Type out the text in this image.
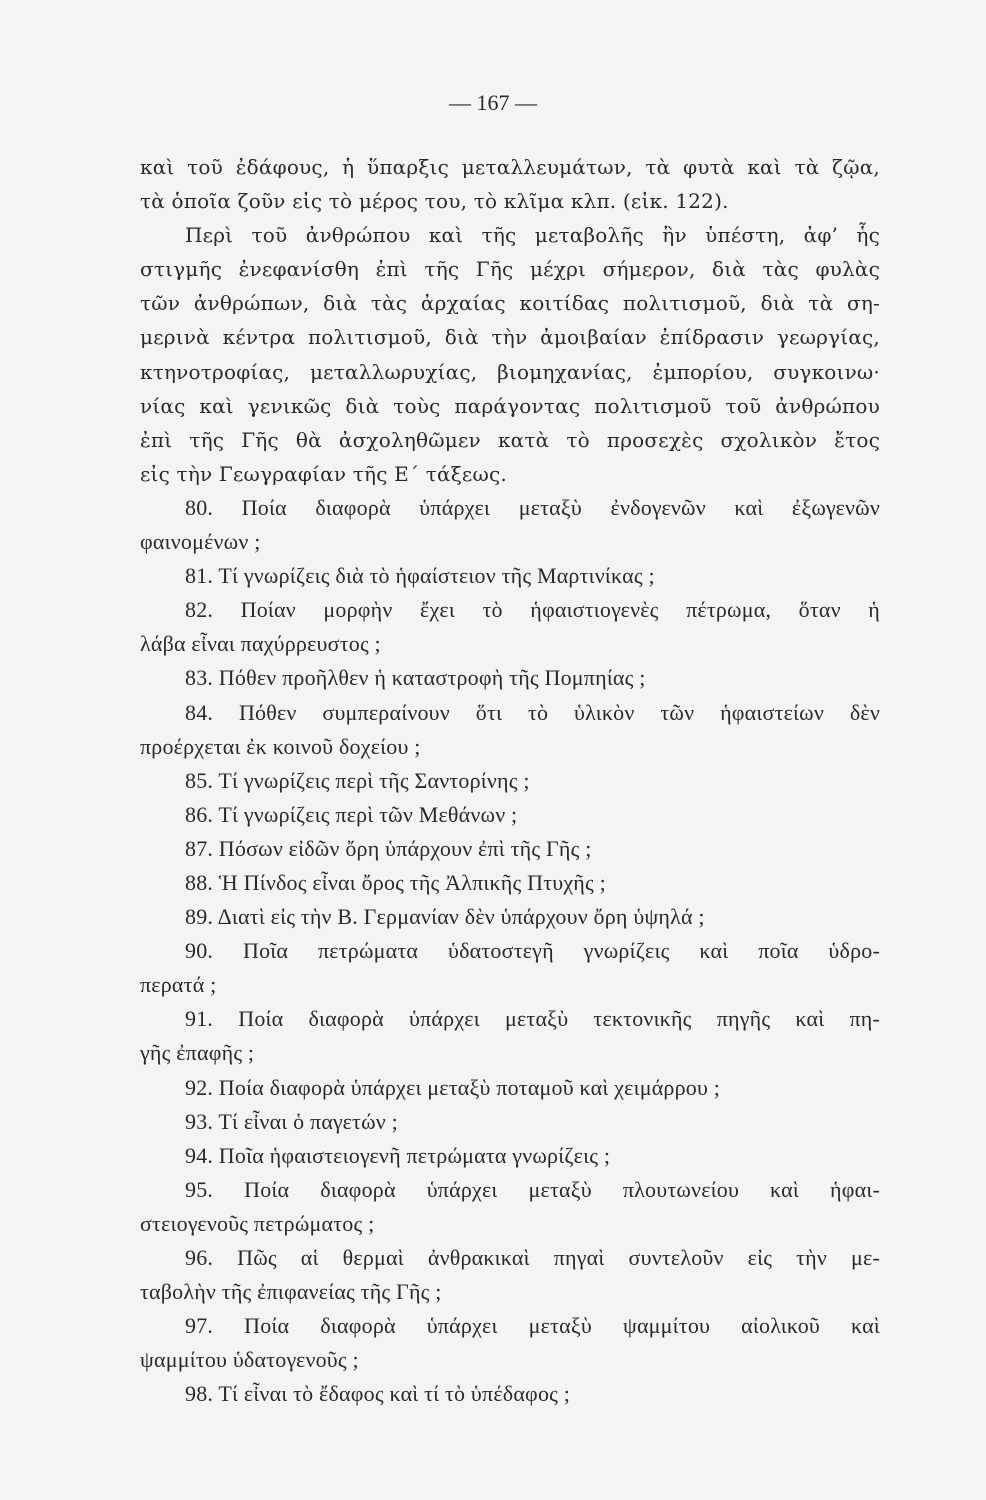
— 167 —
καὶ τοῦ ἐδάφους, ἡ ὕπαρξις μεταλλευμάτων, τὰ φυτὰ καὶ τὰ ζῷα,
τὰ ὁποῖα ζοῦν εἰς τὸ μέρος του, τὸ κλῖμα κλπ. (εἰκ. 122).
Περὶ τοῦ ἀνθρώπου καὶ τῆς μεταβολῆς ἣν ὑπέστη, ἀφ’ ἧς
στιγμῆς ἐνεφανίσθη ἐπὶ τῆς Γῆς μέχρι σήμερον, διὰ τὰς φυλὰς
τῶν ἀνθρώπων, διὰ τὰς ἀρχαίας κοιτίδας πολιτισμοῦ, διὰ τὰ ση-
μερινὰ κέντρα πολιτισμοῦ, διὰ τὴν ἀμοιβαίαν ἐπίδρασιν γεωργίας,
κτηνοτροφίας, μεταλλωρυχίας, βιομηχανίας, ἐμπορίου, συγκοινω·
νίας καὶ γενικῶς διὰ τοὺς παράγοντας πολιτισμοῦ τοῦ ἀνθρώπου
ἐπὶ τῆς Γῆς θὰ ἀσχοληθῶμεν κατὰ τὸ προσεχὲς σχολικὸν ἔτος
εἰς τὴν Γεωγραφίαν τῆς Ε΄ τάξεως.
80. Ποία διαφορὰ ὑπάρχει μεταξὺ ἐνδογενῶν καὶ ἐξωγενῶν
φαινομένων ;
81. Τί γνωρίζεις διὰ τὸ ἡφαίστειον τῆς Μαρτινίκας ;
82. Ποίαν μορφὴν ἔχει τὸ ἡφαιστιογενὲς πέτρωμα, ὅταν ἡ
λάβα εἶναι παχύρρευστος ;
83. Πόθεν προῆλθεν ἡ καταστροφὴ τῆς Πομπηίας ;
84. Πόθεν συμπεραίνουν ὅτι τὸ ὑλικὸν τῶν ἡφαιστείων δὲν
προέρχεται ἐκ κοινοῦ δοχείου ;
85. Τί γνωρίζεις περὶ τῆς Σαντορίνης ;
86. Τί γνωρίζεις περὶ τῶν Μεθάνων ;
87. Πόσων εἰδῶν ὄρη ὑπάρχουν ἐπὶ τῆς Γῆς ;
88. Ἡ Πίνδος εἶναι ὄρος τῆς Ἀλπικῆς Πτυχῆς ;
89. Διατὶ εἰς τὴν Β. Γερμανίαν δὲν ὑπάρχουν ὄρη ὑψηλά ;
90. Ποῖα πετρώματα ὑδατοστεγῆ γνωρίζεις καὶ ποῖα ὑδρο-
περατά ;
91. Ποία διαφορὰ ὑπάρχει μεταξὺ τεκτονικῆς πηγῆς καὶ πη-
γῆς ἐπαφῆς ;
92. Ποία διαφορὰ ὑπάρχει μεταξὺ ποταμοῦ καὶ χειμάρρου ;
93. Τί εἶναι ὁ παγετών ;
94. Ποῖα ἡφαιστειογενῆ πετρώματα γνωρίζεις ;
95. Ποία διαφορὰ ὑπάρχει μεταξὺ πλουτωνείου καὶ ἡφαι-
στειογενοῦς πετρώματος ;
96. Πῶς αἱ θερμαὶ ἀνθρακικαὶ πηγαὶ συντελοῦν εἰς τὴν με-
ταβολὴν τῆς ἐπιφανείας τῆς Γῆς ;
97. Ποία διαφορὰ ὑπάρχει μεταξὺ ψαμμίτου αἰολικοῦ καὶ
ψαμμίτου ὑδατογενοῦς ;
98. Τί εἶναι τὸ ἔδαφος καὶ τί τὸ ὑπέδαφος ;
